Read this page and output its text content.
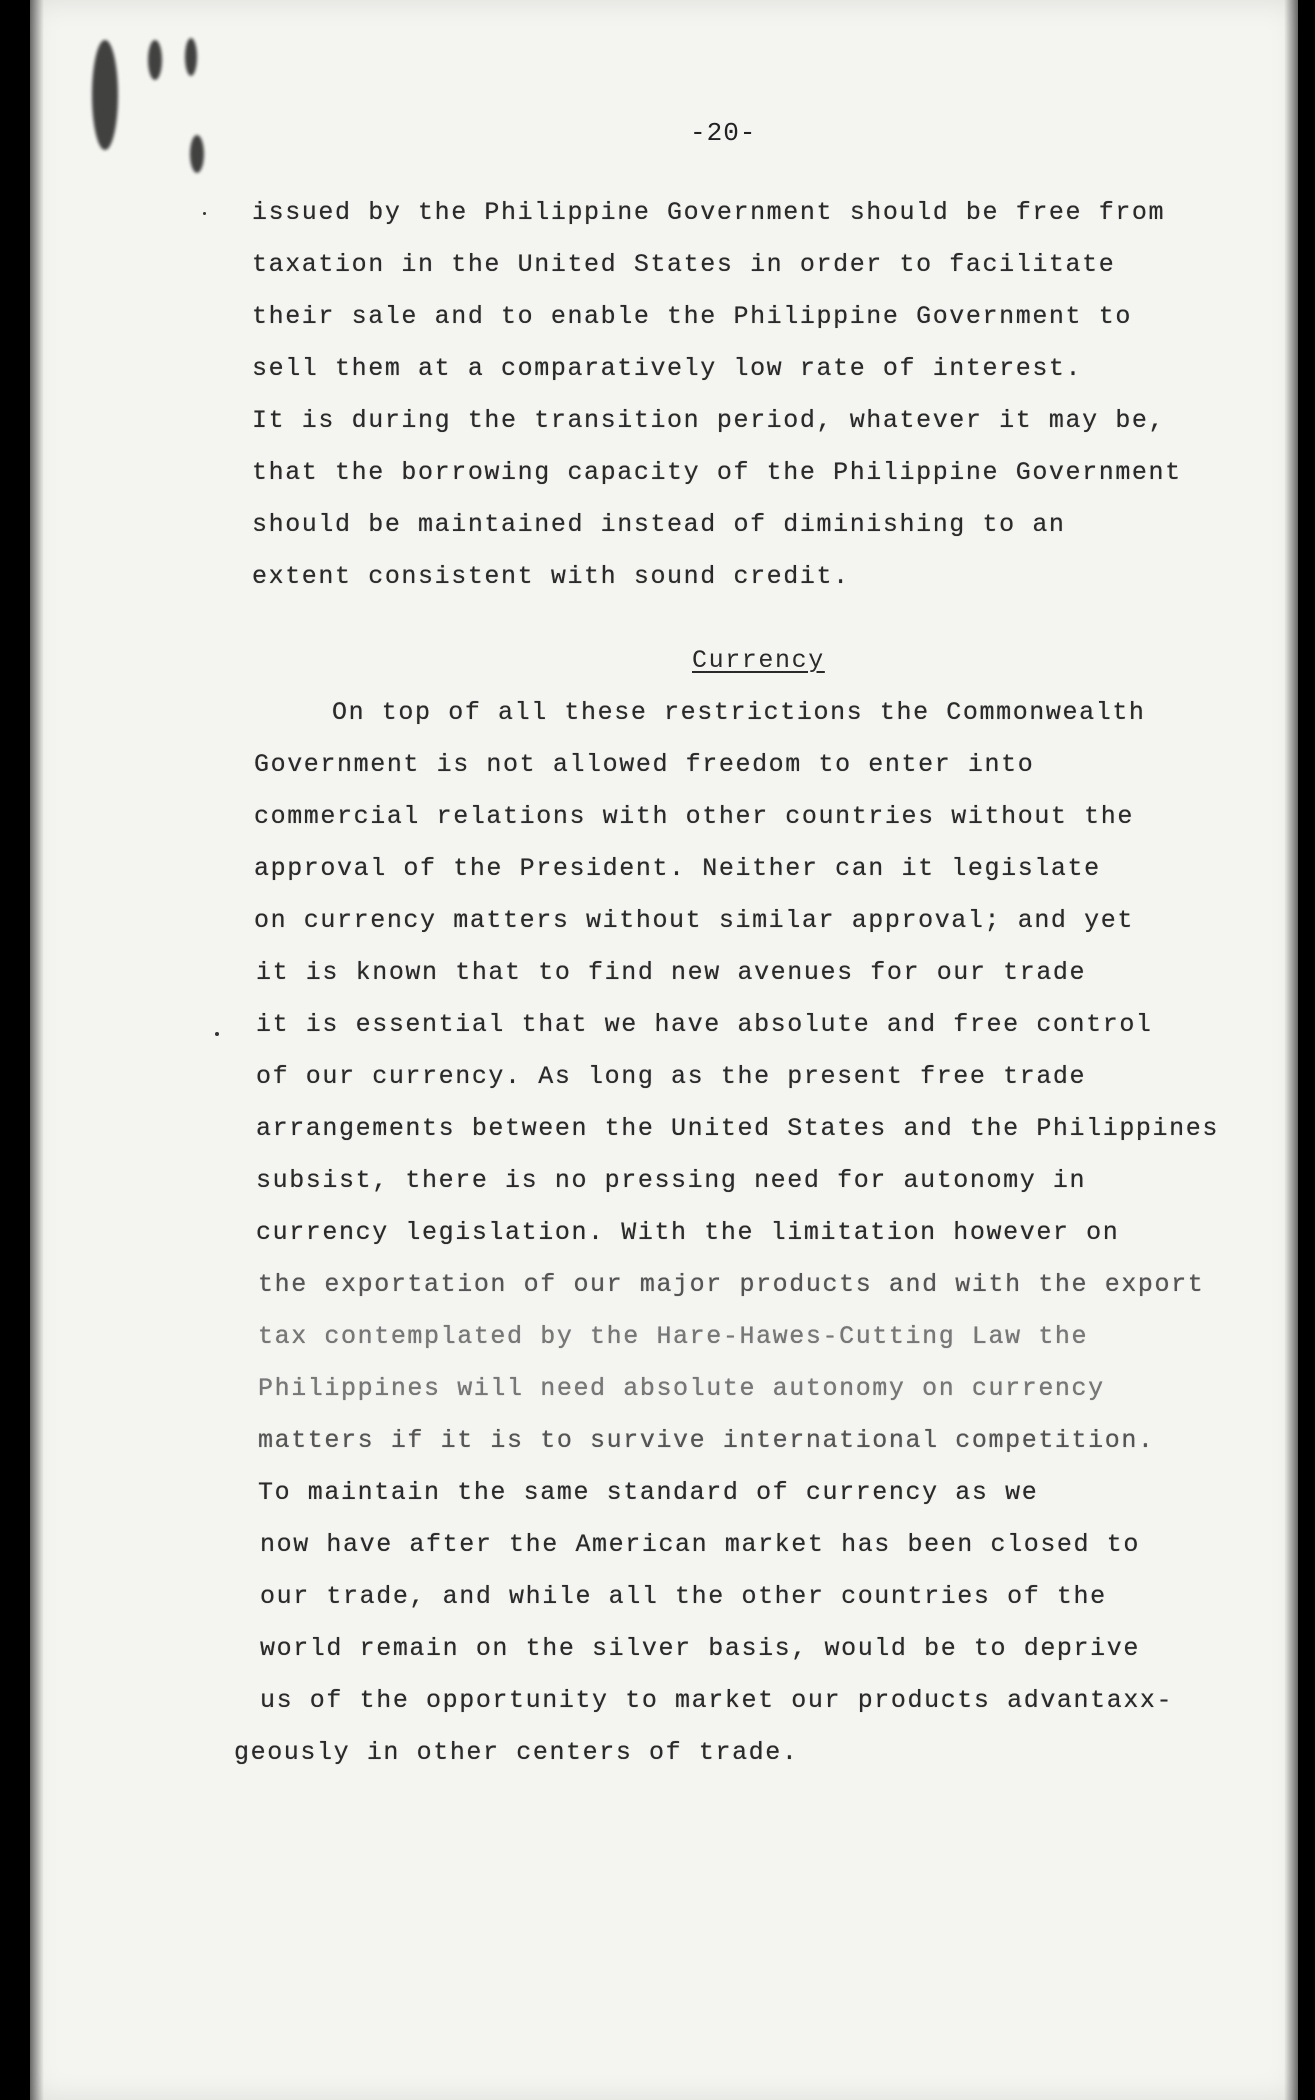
-20-
issued by the Philippine Government should be free from
taxation in the United States in order to facilitate
their sale and to enable the Philippine Government to
sell them at a comparatively low rate of interest.
It is during the transition period, whatever it may be,
that the borrowing capacity of the Philippine Government
should be maintained instead of diminishing to an
extent consistent with sound credit.
Currency
On top of all these restrictions the Commonwealth
Government is not allowed freedom to enter into
commercial relations with other countries without the
approval of the President. Neither can it legislate
on currency matters without similar approval; and yet
it is known that to find new avenues for our trade
it is essential that we have absolute and free control
of our currency. As long as the present free trade
arrangements between the United States and the Philippines
subsist, there is no pressing need for autonomy in
currency legislation. With the limitation however on
the exportation of our major products and with the export
tax contemplated by the Hare-Hawes-Cutting Law the
Philippines will need absolute autonomy on currency
matters if it is to survive international competition.
To maintain the same standard of currency as we
now have after the American market has been closed to
our trade, and while all the other countries of the
world remain on the silver basis, would be to deprive
us of the opportunity to market our products advantaxx-
geously in other centers of trade.
